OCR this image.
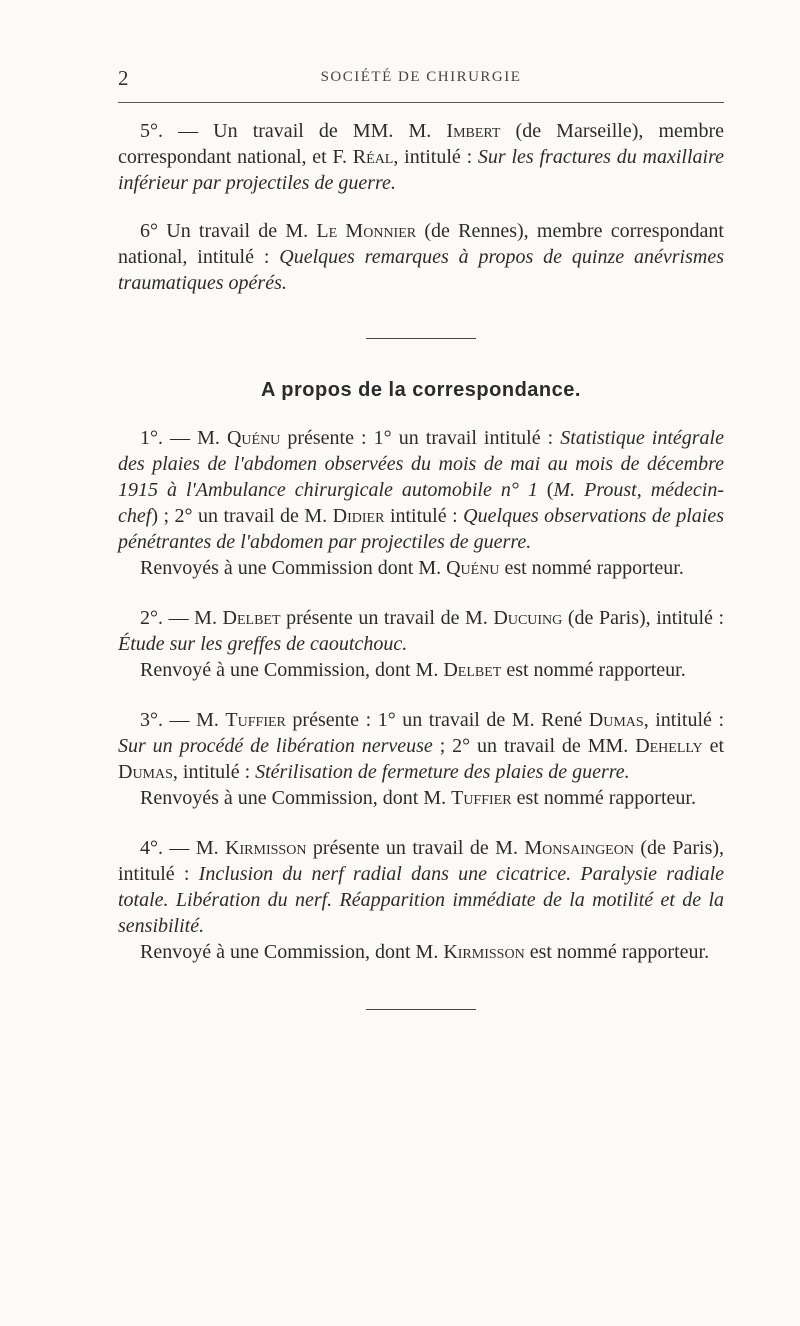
2	SOCIÉTÉ DE CHIRURGIE

5°. — Un travail de MM. M. Imbert (de Marseille), membre correspondant national, et F. Réal, intitulé : Sur les fractures du maxillaire inférieur par projectiles de guerre.

6° Un travail de M. Le Monnier (de Rennes), membre correspondant national, intitulé : Quelques remarques à propos de quinze anévrismes traumatiques opérés.

A propos de la correspondance.

1°. — M. Quénu présente : 1° un travail intitulé : Statistique intégrale des plaies de l'abdomen observées du mois de mai au mois de décembre 1915 à l'Ambulance chirurgicale automobile n° 1 (M. Proust, médecin-chef) ; 2° un travail de M. Didier intitulé : Quelques observations de plaies pénétrantes de l'abdomen par projectiles de guerre.

Renvoyés à une Commission dont M. Quénu est nommé rapporteur.

2°. — M. Delbet présente un travail de M. Ducuing (de Paris), intitulé : Étude sur les greffes de caoutchouc.

Renvoyé à une Commission, dont M. Delbet est nommé rapporteur.

3°. — M. Tuffier présente : 1° un travail de M. René Dumas, intitulé : Sur un procédé de libération nerveuse ; 2° un travail de MM. Dehelly et Dumas, intitulé : Stérilisation de fermeture des plaies de guerre.

Renvoyés à une Commission, dont M. Tuffier est nommé rapporteur.

4°. — M. Kirmisson présente un travail de M. Monsaingeon (de Paris), intitulé : Inclusion du nerf radial dans une cicatrice. Paralysie radiale totale. Libération du nerf. Réapparition immédiate de la motilité et de la sensibilité.

Renvoyé à une Commission, dont M. Kirmisson est nommé rapporteur.
